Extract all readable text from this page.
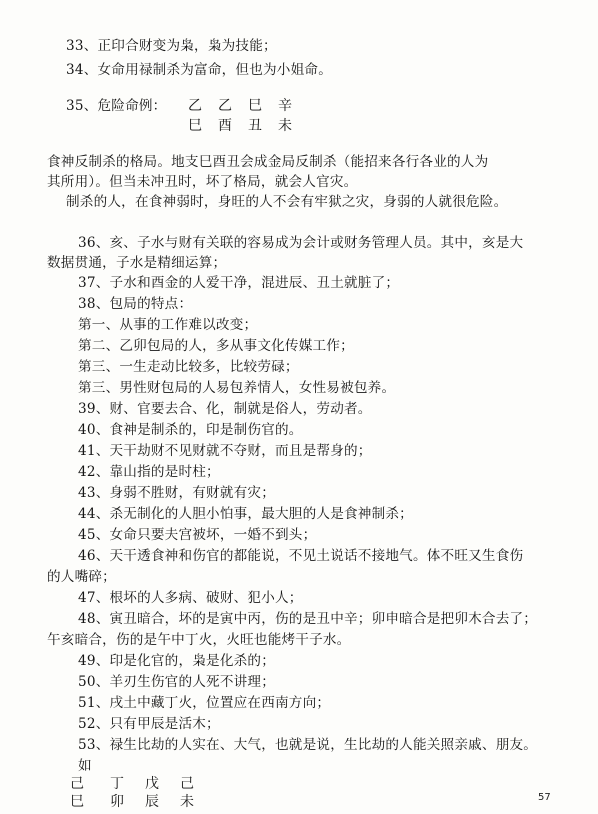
33、正印合财变为枭，枭为技能；
34、女命用禄制杀为富命，但也为小姐命。
35、危险命例： 乙 乙 巳 辛
巳 酉 丑 未
食神反制杀的格局。地支巳酉丑会成金局反制杀（能招来各行各业的人为
其所用）。但当未冲丑时，坏了格局，就会人官灾。
制杀的人，在食神弱时，身旺的人不会有牢狱之灾，身弱的人就很危险。
36、亥、子水与财有关联的容易成为会计或财务管理人员。其中，亥是大
数据贯通，子水是精细运算；
37、子水和酉金的人爱干净，混进辰、丑土就脏了；
38、包局的特点：
第一、从事的工作难以改变；
第二、乙卯包局的人，多从事文化传媒工作；
第三、一生走动比较多，比较劳碌；
第三、男性财包局的人易包养情人，女性易被包养。
39、财、官要去合、化，制就是俗人，劳动者。
40、食神是制杀的，印是制伤官的。
41、天干劫财不见财就不夺财，而且是帮身的；
42、靠山指的是时柱；
43、身弱不胜财，有财就有灾；
44、杀无制化的人胆小怕事，最大胆的人是食神制杀；
45、女命只要夫宫被坏，一婚不到头；
46、天干透食神和伤官的都能说，不见土说话不接地气。体不旺又生食伤
的人嘴碎；
47、根坏的人多病、破财、犯小人；
48、寅丑暗合，坏的是寅中丙，伤的是丑中辛；卯申暗合是把卯木合去了；
午亥暗合，伤的是午中丁火，火旺也能烤干子水。
49、印是化官的，枭是化杀的；
50、羊刃生伤官的人死不讲理；
51、戌土中藏丁火，位置应在西南方向；
52、只有甲辰是活木；
53、禄生比劫的人实在、大气，也就是说，生比劫的人能关照亲戚、朋友。
如
己 丁 戊 己
巳 卯 辰 未	57
